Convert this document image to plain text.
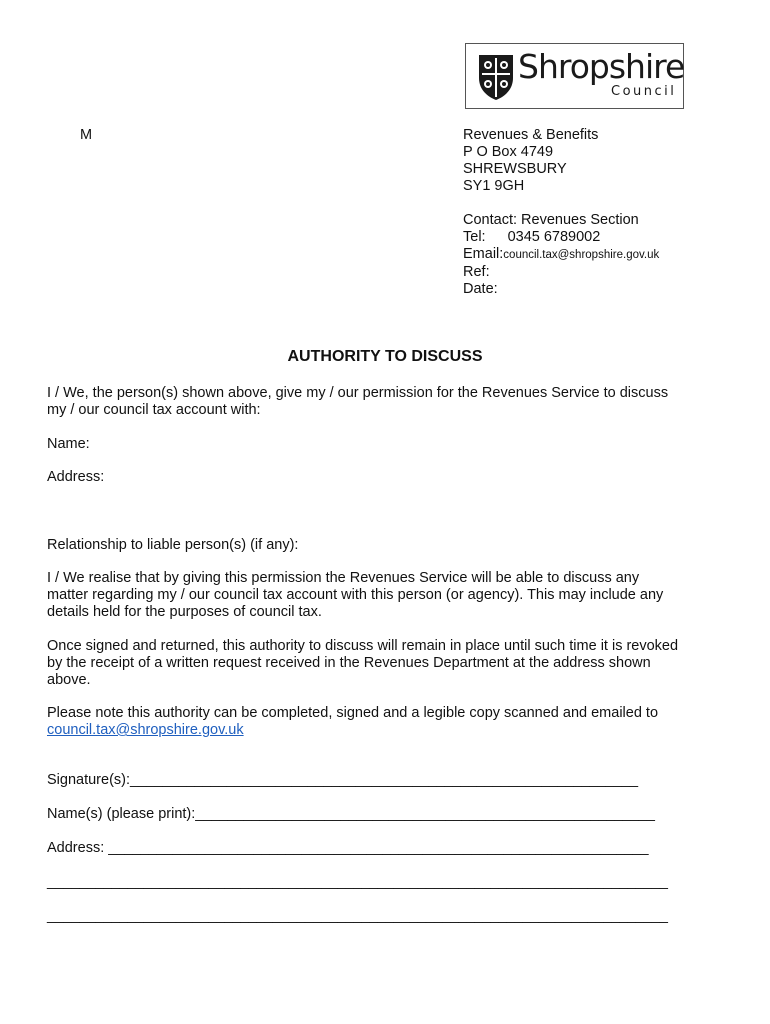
Shropshire
Council
M	Revenues & Benefits
P O Box 4749
SHREWSBURY
SY1 9GH
Contact: Revenues Section
Tel: 0345 6789002
Email:council.tax@shropshire.gov.uk
Ref:
Date:
AUTHORITY TO DISCUSS
I / We, the person(s) shown above, give my / our permission for the Revenues Service to discuss
my / our council tax account with:
Name:
Address:
Relationship to liable person(s) (if any):
I / We realise that by giving this permission the Revenues Service will be able to discuss any
matter regarding my / our council tax account with this person (or agency). This may include any
details held for the purposes of council tax.
Once signed and returned, this authority to discuss will remain in place until such time it is revoked
by the receipt of a written request received in the Revenues Department at the address shown
above.
Please note this authority can be completed, signed and a legible copy scanned and emailed to
council.tax@shropshire.gov.uk
Signature(s):_______________________________________________________________
Name(s) (please print):_________________________________________________________
Address: ___________________________________________________________________
_____________________________________________________________________________
_____________________________________________________________________________
